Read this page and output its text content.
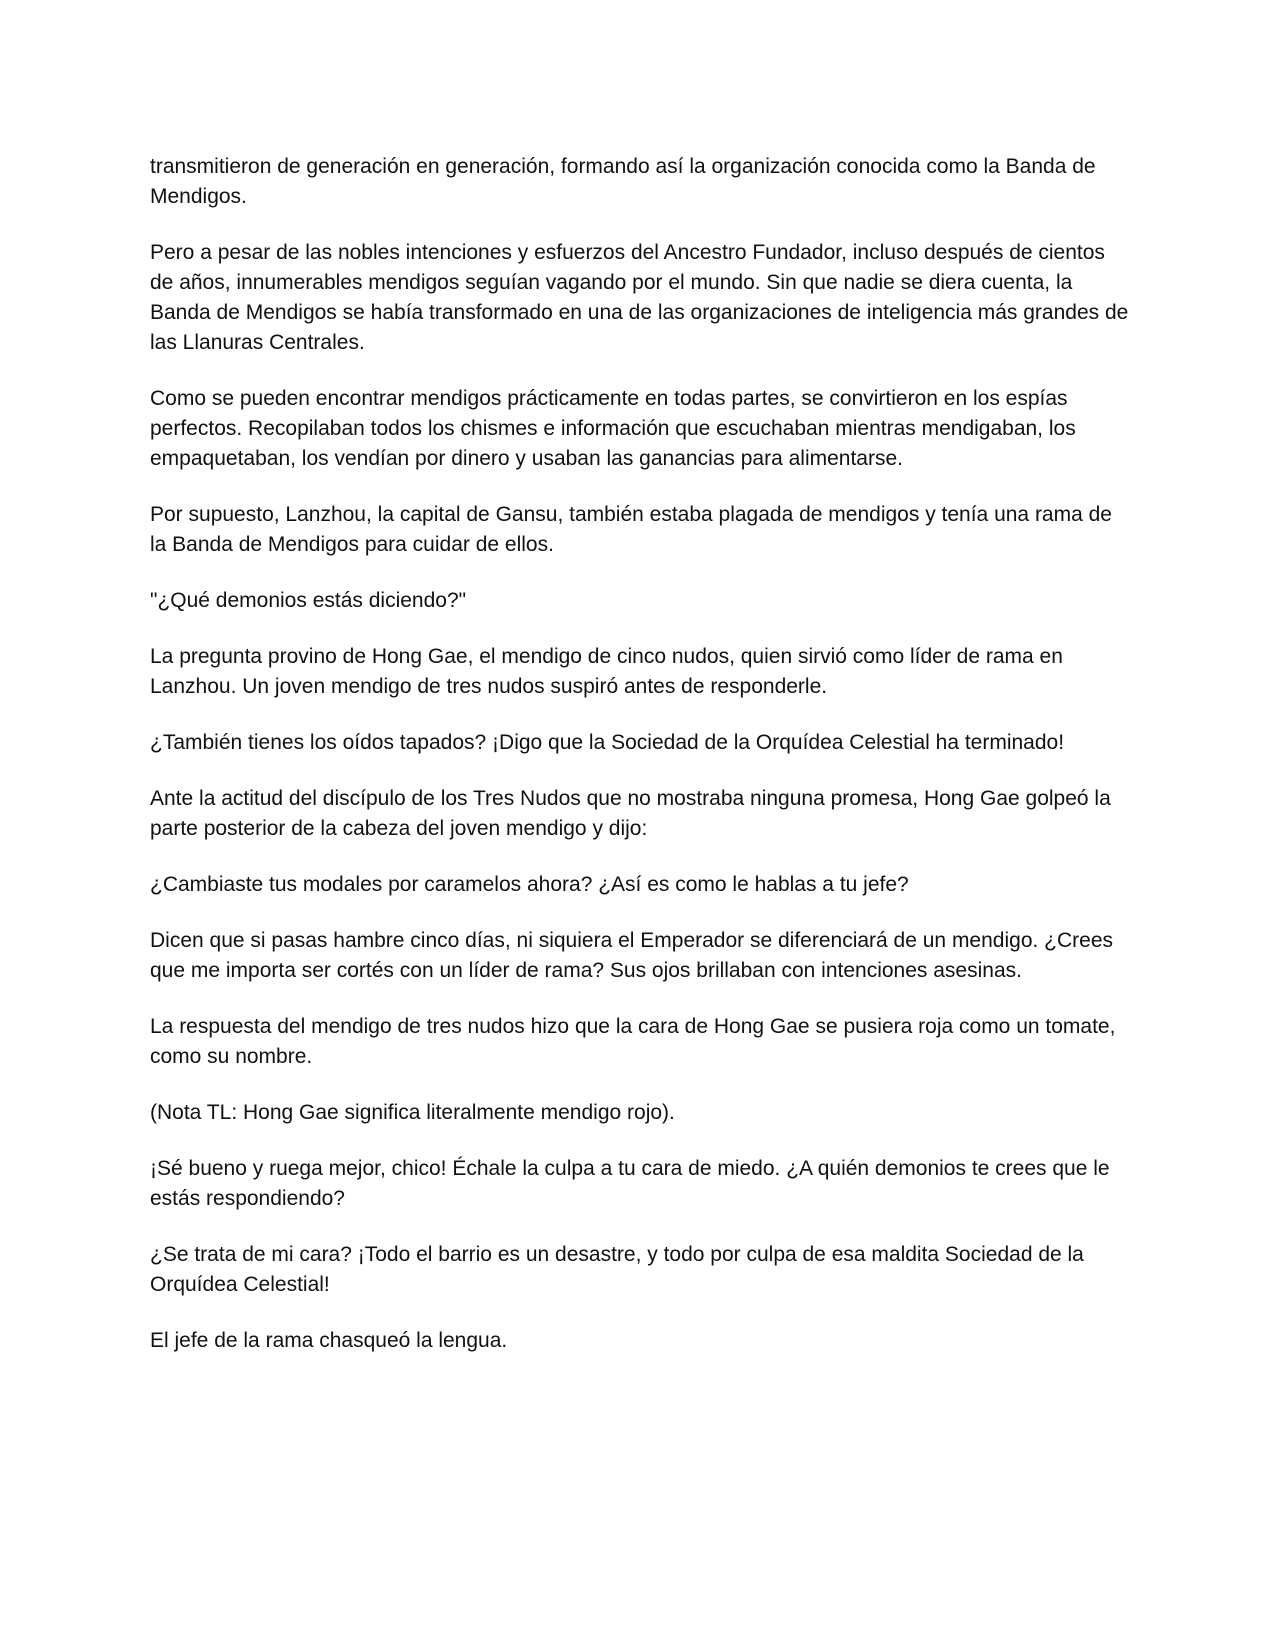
transmitieron de generación en generación, formando así la organización conocida como la Banda de Mendigos.

Pero a pesar de las nobles intenciones y esfuerzos del Ancestro Fundador, incluso después de cientos de años, innumerables mendigos seguían vagando por el mundo. Sin que nadie se diera cuenta, la Banda de Mendigos se había transformado en una de las organizaciones de inteligencia más grandes de las Llanuras Centrales.

Como se pueden encontrar mendigos prácticamente en todas partes, se convirtieron en los espías perfectos. Recopilaban todos los chismes e información que escuchaban mientras mendigaban, los empaquetaban, los vendían por dinero y usaban las ganancias para alimentarse.

Por supuesto, Lanzhou, la capital de Gansu, también estaba plagada de mendigos y tenía una rama de la Banda de Mendigos para cuidar de ellos.

"¿Qué demonios estás diciendo?"

La pregunta provino de Hong Gae, el mendigo de cinco nudos, quien sirvió como líder de rama en Lanzhou. Un joven mendigo de tres nudos suspiró antes de responderle.

¿También tienes los oídos tapados? ¡Digo que la Sociedad de la Orquídea Celestial ha terminado!

Ante la actitud del discípulo de los Tres Nudos que no mostraba ninguna promesa, Hong Gae golpeó la parte posterior de la cabeza del joven mendigo y dijo:

¿Cambiaste tus modales por caramelos ahora? ¿Así es como le hablas a tu jefe?

Dicen que si pasas hambre cinco días, ni siquiera el Emperador se diferenciará de un mendigo. ¿Crees que me importa ser cortés con un líder de rama? Sus ojos brillaban con intenciones asesinas.

La respuesta del mendigo de tres nudos hizo que la cara de Hong Gae se pusiera roja como un tomate, como su nombre.

(Nota TL: Hong Gae significa literalmente mendigo rojo).

¡Sé bueno y ruega mejor, chico! Échale la culpa a tu cara de miedo. ¿A quién demonios te crees que le estás respondiendo?

¿Se trata de mi cara? ¡Todo el barrio es un desastre, y todo por culpa de esa maldita Sociedad de la Orquídea Celestial!

El jefe de la rama chasqueó la lengua.
